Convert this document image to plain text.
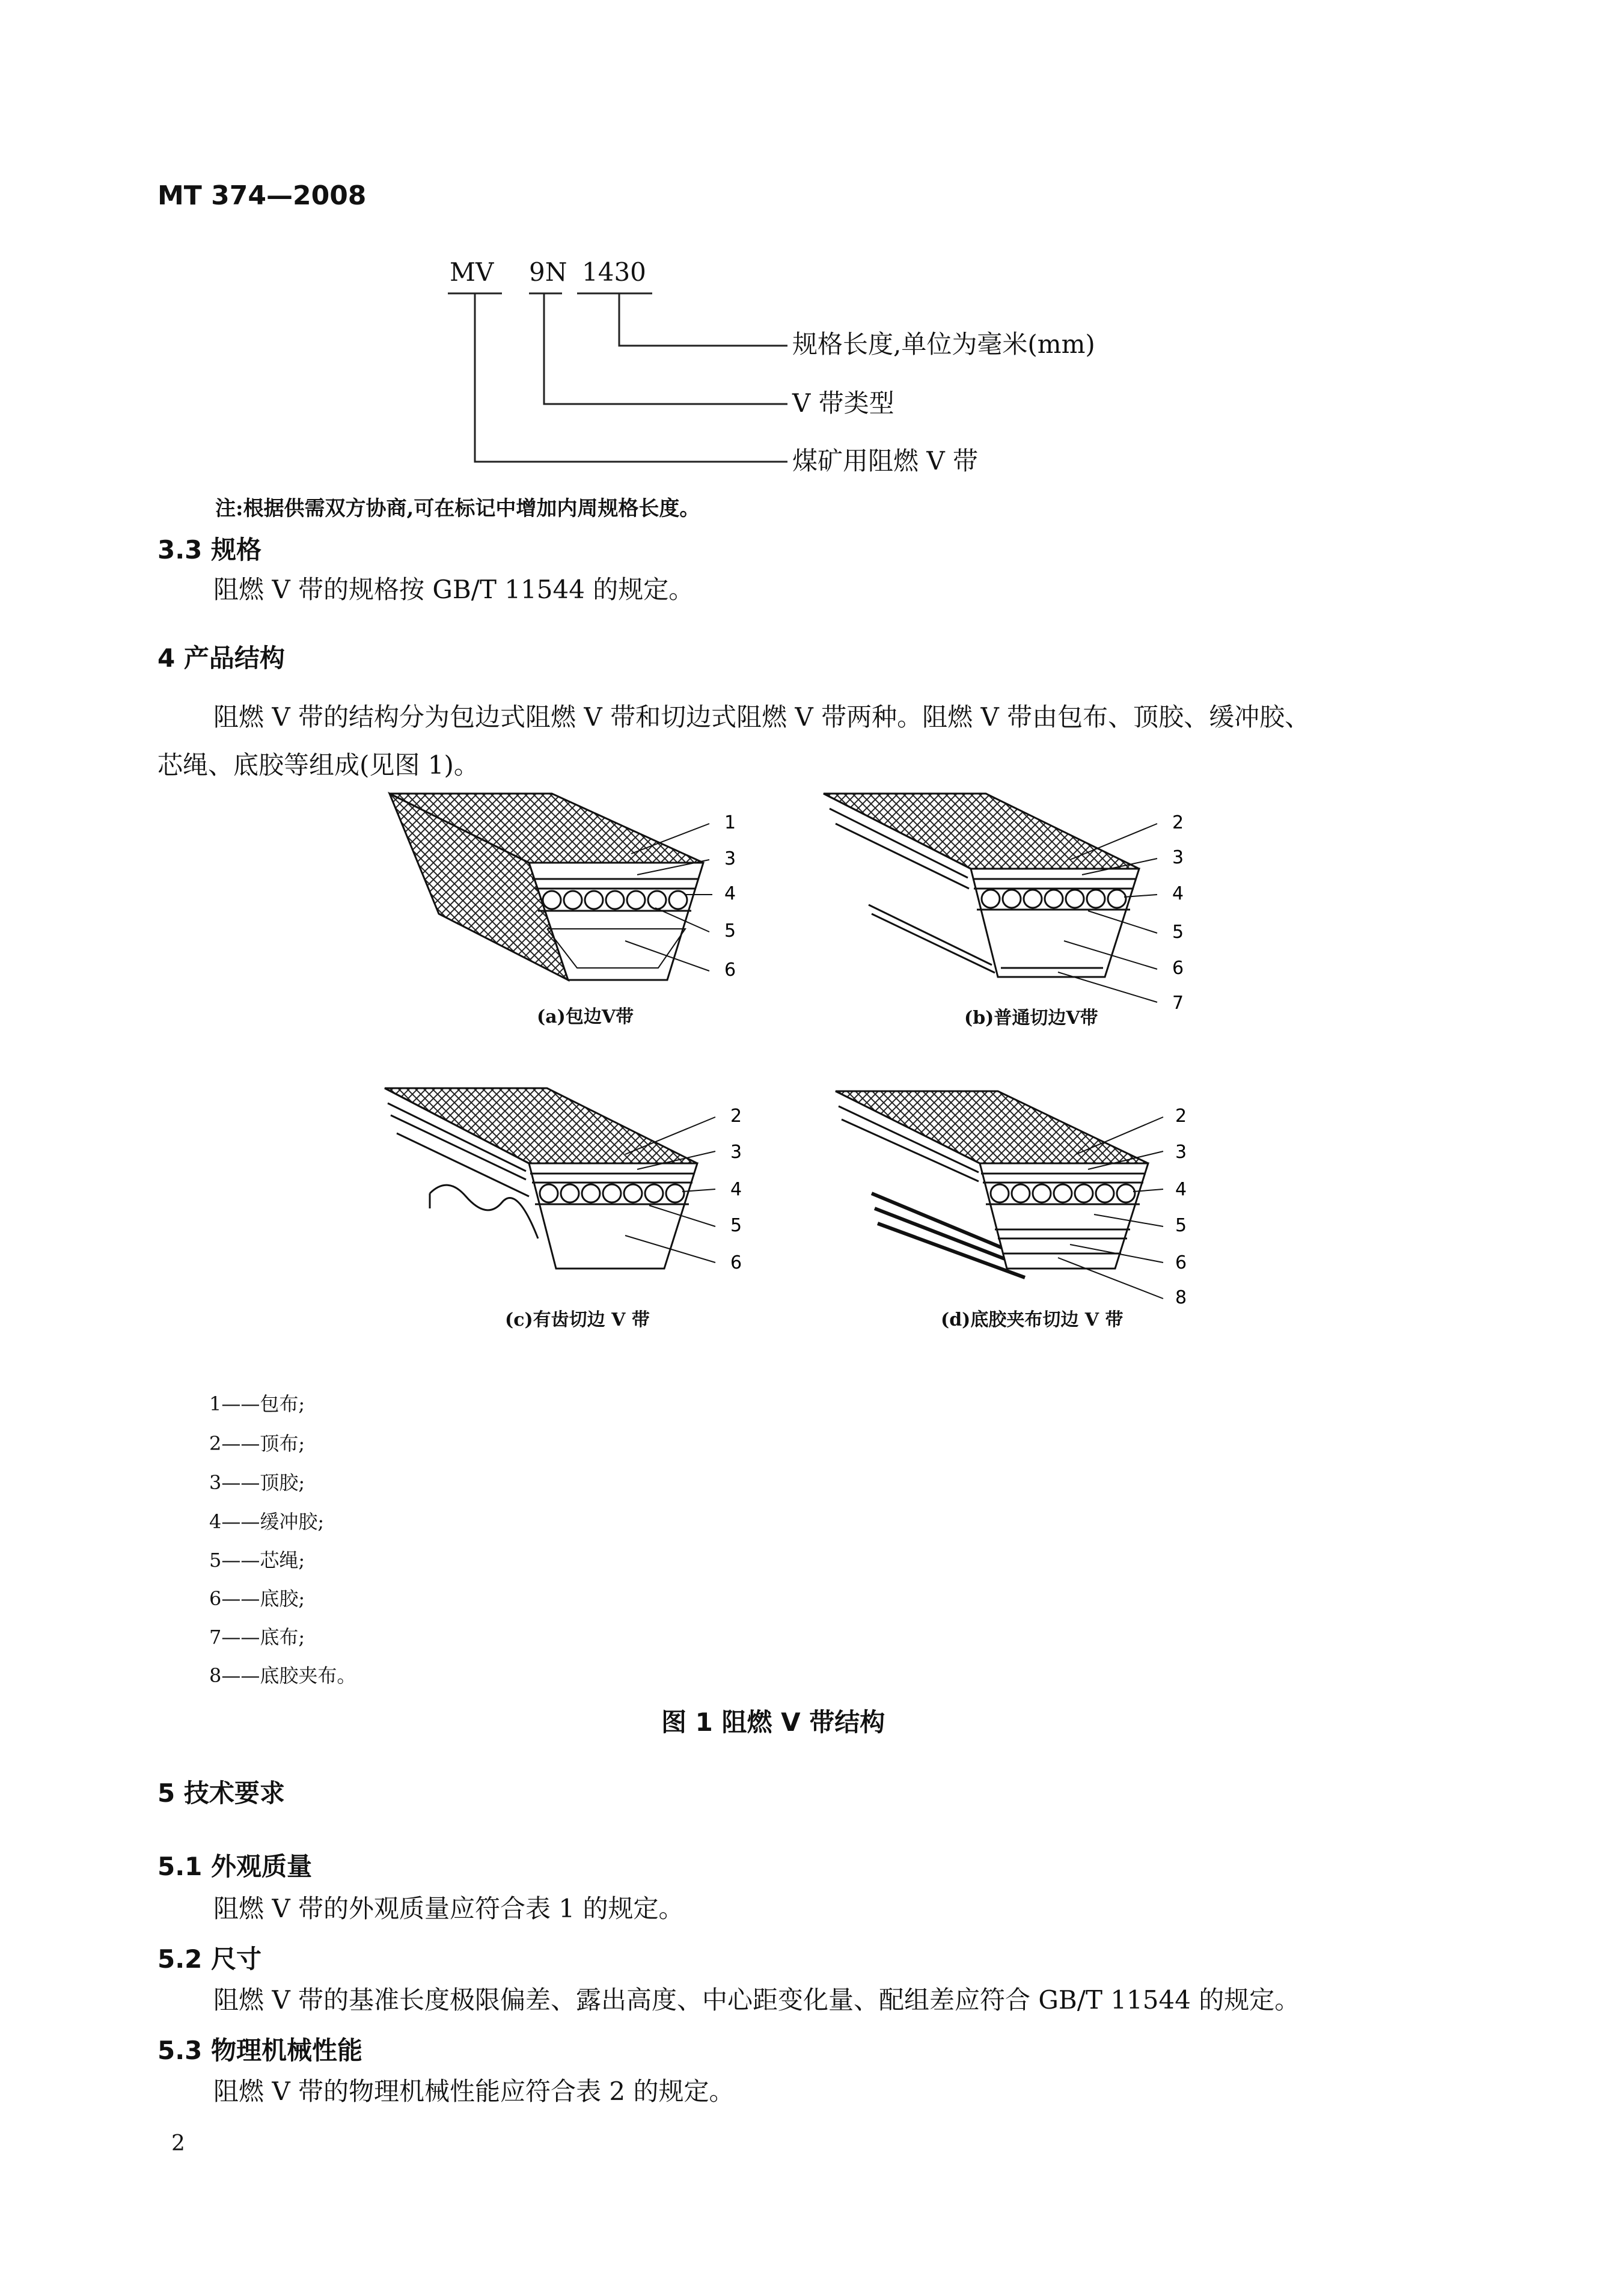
MT 374—2008
MV 9N 1430
规格长度,单位为毫米(mm)
V 带类型
煤矿用阻燃 V 带
注:根据供需双方协商,可在标记中增加内周规格长度。
3.3 规格
阻燃 V 带的规格按 GB/T 11544 的规定。
4 产品结构
阻燃 V 带的结构分为包边式阻燃 V 带和切边式阻燃 V 带两种。阻燃 V 带由包布、顶胶、缓冲胶、
芯绳、底胶等组成(见图 1)。
1
3
4
5
6
2
3
4
5
6
7
2
3
4
5
6
2
3
4
5
6
8
(a)包边V带	(b)普通切边V带
(c)有齿切边 V 带	(d)底胶夹布切边 V 带
1——包布;
2——顶布;
3——顶胶;
4——缓冲胶;
5——芯绳;
6——底胶;
7——底布;
8——底胶夹布。
图 1 阻燃 V 带结构
5 技术要求
5.1 外观质量
阻燃 V 带的外观质量应符合表 1 的规定。
5.2 尺寸
阻燃 V 带的基准长度极限偏差、露出高度、中心距变化量、配组差应符合 GB/T 11544 的规定。
5.3 物理机械性能
阻燃 V 带的物理机械性能应符合表 2 的规定。
2
